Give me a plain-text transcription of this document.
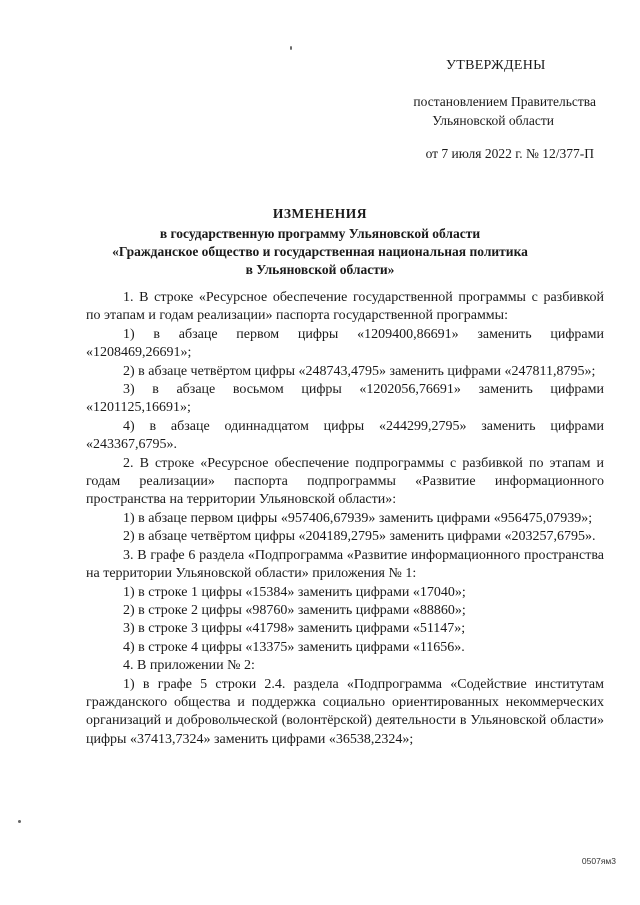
УТВЕРЖДЕНЫ
постановлением Правительства
Ульяновской области
от 7 июля 2022 г. № 12/377-П
ИЗМЕНЕНИЯ
в государственную программу Ульяновской области
«Гражданское общество и государственная национальная политика
в Ульяновской области»
1. В строке «Ресурсное обеспечение государственной программы с разбивкой по этапам и годам реализации» паспорта государственной программы:
1) в абзаце первом цифры «1209400,86691» заменить цифрами «1208469,26691»;
2) в абзаце четвёртом цифры «248743,4795» заменить цифрами «247811,8795»;
3) в абзаце восьмом цифры «1202056,76691» заменить цифрами «1201125,16691»;
4) в абзаце одиннадцатом цифры «244299,2795» заменить цифрами «243367,6795».
2. В строке «Ресурсное обеспечение подпрограммы с разбивкой по этапам и годам реализации» паспорта подпрограммы «Развитие информационного пространства на территории Ульяновской области»:
1) в абзаце первом цифры «957406,67939» заменить цифрами «956475,07939»;
2) в абзаце четвёртом цифры «204189,2795» заменить цифрами «203257,6795».
3. В графе 6 раздела «Подпрограмма «Развитие информационного пространства на территории Ульяновской области» приложения № 1:
1) в строке 1 цифры «15384» заменить цифрами «17040»;
2) в строке 2 цифры «98760» заменить цифрами «88860»;
3) в строке 3 цифры «41798» заменить цифрами «51147»;
4) в строке 4 цифры «13375» заменить цифрами «11656».
4. В приложении № 2:
1) в графе 5 строки 2.4. раздела «Подпрограмма «Содействие институтам гражданского общества и поддержка социально ориентированных некоммерческих организаций и добровольческой (волонтёрской) деятельности в Ульяновской области» цифры «37413,7324» заменить цифрами «36538,2324»;
0507ям3
